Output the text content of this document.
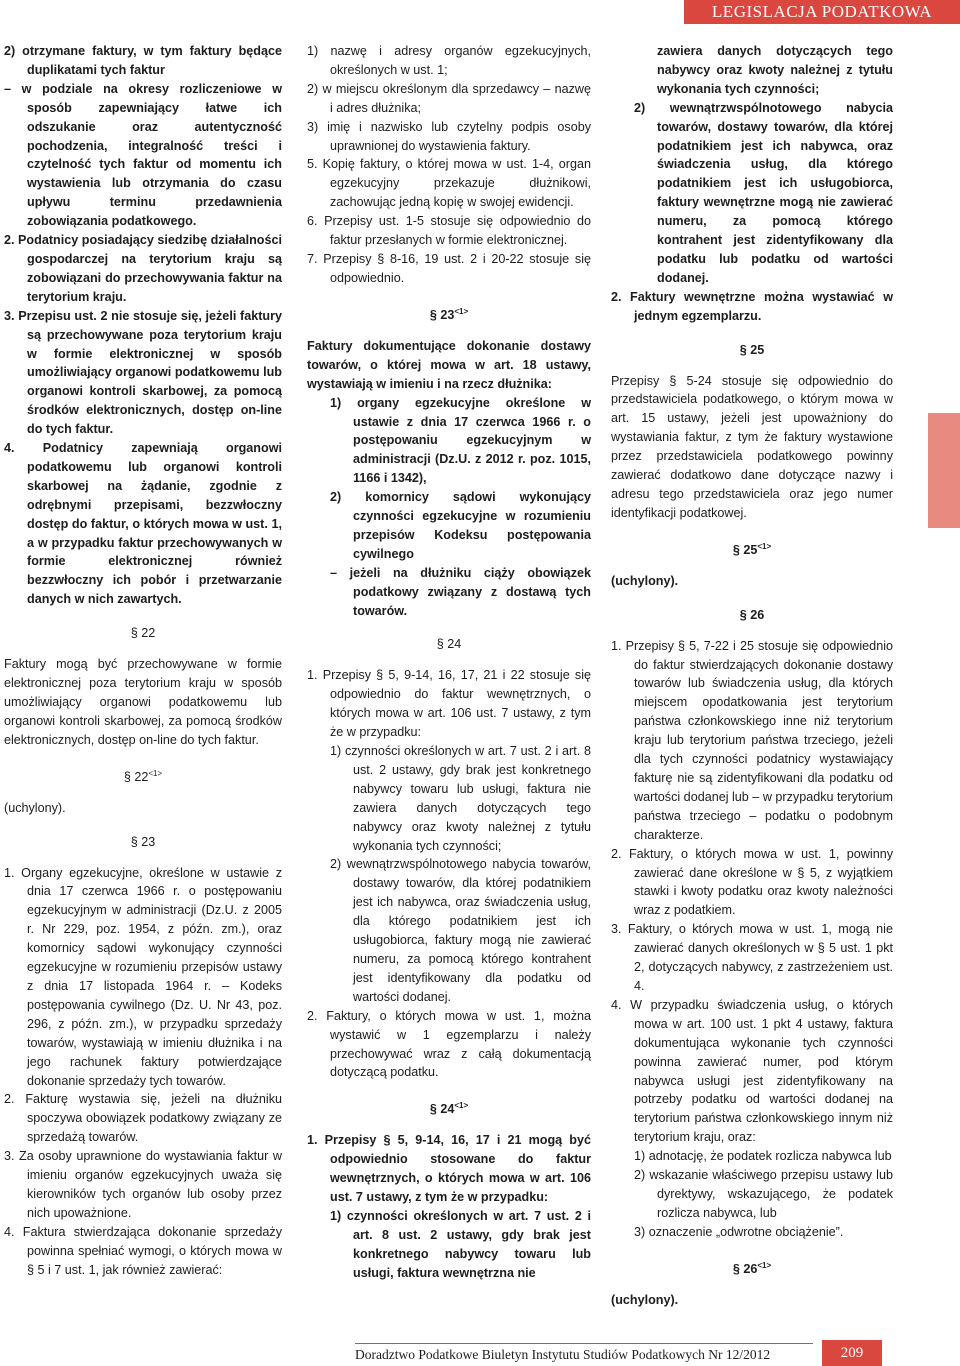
LEGISLACJA PODATKOWA

2) otrzymane faktury, w tym faktury będące duplikatami tych faktur

– w podziale na okresy rozliczeniowe w sposób zapewniający łatwe ich odszukanie oraz autentyczność pochodzenia, integralność treści i czytelność tych faktur od momentu ich wystawienia lub otrzymania do czasu upływu terminu przedawnienia zobowiązania podatkowego.

2. Podatnicy posiadający siedzibę działalności gospodarczej na terytorium kraju są zobowiązani do przechowywania faktur na terytorium kraju.

3. Przepisu ust. 2 nie stosuje się, jeżeli faktury są przechowywane poza terytorium kraju w formie elektronicznej w sposób umożliwiający organowi podatkowemu lub organowi kontroli skarbowej, za pomocą środków elektronicznych, dostęp on-line do tych faktur.

4. Podatnicy zapewniają organowi podatkowemu lub organowi kontroli skarbowej na żądanie, zgodnie z odrębnymi przepisami, bezzwłoczny dostęp do faktur, o których mowa w ust. 1, a w przypadku faktur przechowywanych w formie elektronicznej również bezzwłoczny ich pobór i przetwarzanie danych w nich zawartych.

§ 22

Faktury mogą być przechowywane w formie elektronicznej poza terytorium kraju w sposób umożliwiający organowi podatkowemu lub organowi kontroli skarbowej, za pomocą środków elektronicznych, dostęp on-line do tych faktur.

§ $22^{<1>}$

(uchylony).

§ 23

1. Organy egzekucyjne, określone w ustawie z dnia 17 czerwca 1966 r. o postępowaniu egzekucyjnym w administracji (Dz.U. z 2005 r. Nr 229, poz. 1954, z późn. zm.), oraz komornicy sądowi wykonujący czynności egzekucyjne w rozumieniu przepisów ustawy z dnia 17 listopada 1964 r. – Kodeks postępowania cywilnego (Dz. U. Nr 43, poz. 296, z późn. zm.), w przypadku sprzedaży towarów, wystawiają w imieniu dłużnika i na jego rachunek faktury potwierdzające dokonanie sprzedaży tych towarów.

2. Fakturę wystawia się, jeżeli na dłużniku spoczywa obowiązek podatkowy związany ze sprzedażą towarów.

3. Za osoby uprawnione do wystawiania faktur w imieniu organów egzekucyjnych uważa się kierowników tych organów lub osoby przez nich upoważnione.

4. Faktura stwierdzająca dokonanie sprzedaży powinna spełniać wymogi, o których mowa w § 5 i 7 ust. 1, jak również zawierać:

1) nazwę i adresy organów egzekucyjnych, określonych w ust. 1;

2) w miejscu określonym dla sprzedawcy – nazwę i adres dłużnika;

3) imię i nazwisko lub czytelny podpis osoby uprawnionej do wystawienia faktury.

5. Kopię faktury, o której mowa w ust. 1-4, organ egzekucyjny przekazuje dłużnikowi, zachowując jedną kopię w swojej ewidencji.

6. Przepisy ust. 1-5 stosuje się odpowiednio do faktur przesłanych w formie elektronicznej.

7. Przepisy § 8-16, 19 ust. 2 i 20-22 stosuje się odpowiednio.

§ $23^{<1>}$

Faktury dokumentujące dokonanie dostawy towarów, o której mowa w art. 18 ustawy, wystawiają w imieniu i na rzecz dłużnika:

1) organy egzekucyjne określone w ustawie z dnia 17 czerwca 1966 r. o postępowaniu egzekucyjnym w administracji (Dz.U. z 2012 r. poz. 1015, 1166 i 1342),

2) komornicy sądowi wykonujący czynności egzekucyjne w rozumieniu przepisów Kodeksu postępowania cywilnego

– jeżeli na dłużniku ciąży obowiązek podatkowy związany z dostawą tych towarów.

§ 24

1. Przepisy § 5, 9-14, 16, 17, 21 i 22 stosuje się odpowiednio do faktur wewnętrznych, o których mowa w art. 106 ust. 7 ustawy, z tym że w przypadku:

1) czynności określonych w art. 7 ust. 2 i art. 8 ust. 2 ustawy, gdy brak jest konkretnego nabywcy towaru lub usługi, faktura nie zawiera danych dotyczących tego nabywcy oraz kwoty należnej z tytułu wykonania tych czynności;

2) wewnątrzwspólnotowego nabycia towarów, dostawy towarów, dla której podatnikiem jest ich nabywca, oraz świadczenia usług, dla którego podatnikiem jest ich usługobiorca, faktury mogą nie zawierać numeru, za pomocą którego kontrahent jest identyfikowany dla podatku od wartości dodanej.

2. Faktury, o których mowa w ust. 1, można wystawić w 1 egzemplarzu i należy przechowywać wraz z całą dokumentacją dotyczącą podatku.

§ $24^{<1>}$

1. Przepisy § 5, 9-14, 16, 17 i 21 mogą być odpowiednio stosowane do faktur wewnętrznych, o których mowa w art. 106 ust. 7 ustawy, z tym że w przypadku:

1) czynności określonych w art. 7 ust. 2 i art. 8 ust. 2 ustawy, gdy brak jest konkretnego nabywcy towaru lub usługi, faktura wewnętrzna nie

zawiera danych dotyczących tego nabywcy oraz kwoty należnej z tytułu wykonania tych czynności;

2) wewnątrzwspólnotowego nabycia towarów, dostawy towarów, dla której podatnikiem jest ich nabywca, oraz świadczenia usług, dla którego podatnikiem jest ich usługobiorca, faktury wewnętrzne mogą nie zawierać numeru, za pomocą którego kontrahent jest zidentyfikowany dla podatku lub podatku od wartości dodanej.

2. Faktury wewnętrzne można wystawiać w jednym egzemplarzu.

§ 25

Przepisy § 5-24 stosuje się odpowiednio do przedstawiciela podatkowego, o którym mowa w art. 15 ustawy, jeżeli jest upoważniony do wystawiania faktur, z tym że faktury wystawione przez przedstawiciela podatkowego powinny zawierać dodatkowo dane dotyczące nazwy i adresu tego przedstawiciela oraz jego numer identyfikacji podatkowej.

§ $25^{<1>}$

(uchylony).

§ 26

1. Przepisy § 5, 7-22 i 25 stosuje się odpowiednio do faktur stwierdzających dokonanie dostawy towarów lub świadczenia usług, dla których miejscem opodatkowania jest terytorium państwa członkowskiego inne niż terytorium kraju lub terytorium państwa trzeciego, jeżeli dla tych czynności podatnicy wystawiający fakturę nie są zidentyfikowani dla podatku od wartości dodanej lub – w przypadku terytorium państwa trzeciego – podatku o podobnym charakterze.

2. Faktury, o których mowa w ust. 1, powinny zawierać dane określone w § 5, z wyjątkiem stawki i kwoty podatku oraz kwoty należności wraz z podatkiem.

3. Faktury, o których mowa w ust. 1, mogą nie zawierać danych określonych w § 5 ust. 1 pkt 2, dotyczących nabywcy, z zastrzeżeniem ust. 4.

4. W przypadku świadczenia usług, o których mowa w art. 100 ust. 1 pkt 4 ustawy, faktura dokumentująca wykonanie tych czynności powinna zawierać numer, pod którym nabywca usługi jest zidentyfikowany na potrzeby podatku od wartości dodanej na terytorium państwa członkowskiego innym niż terytorium kraju, oraz:

1) adnotację, że podatek rozlicza nabywca lub

2) wskazanie właściwego przepisu ustawy lub dyrektywy, wskazującego, że podatek rozlicza nabywca, lub

3) oznaczenie „odwrotne obciążenie”.

§ $26^{<1>}$

(uchylony).

Doradztwo Podatkowe Biuletyn Instytutu Studiów Podatkowych Nr 12/2012	209
